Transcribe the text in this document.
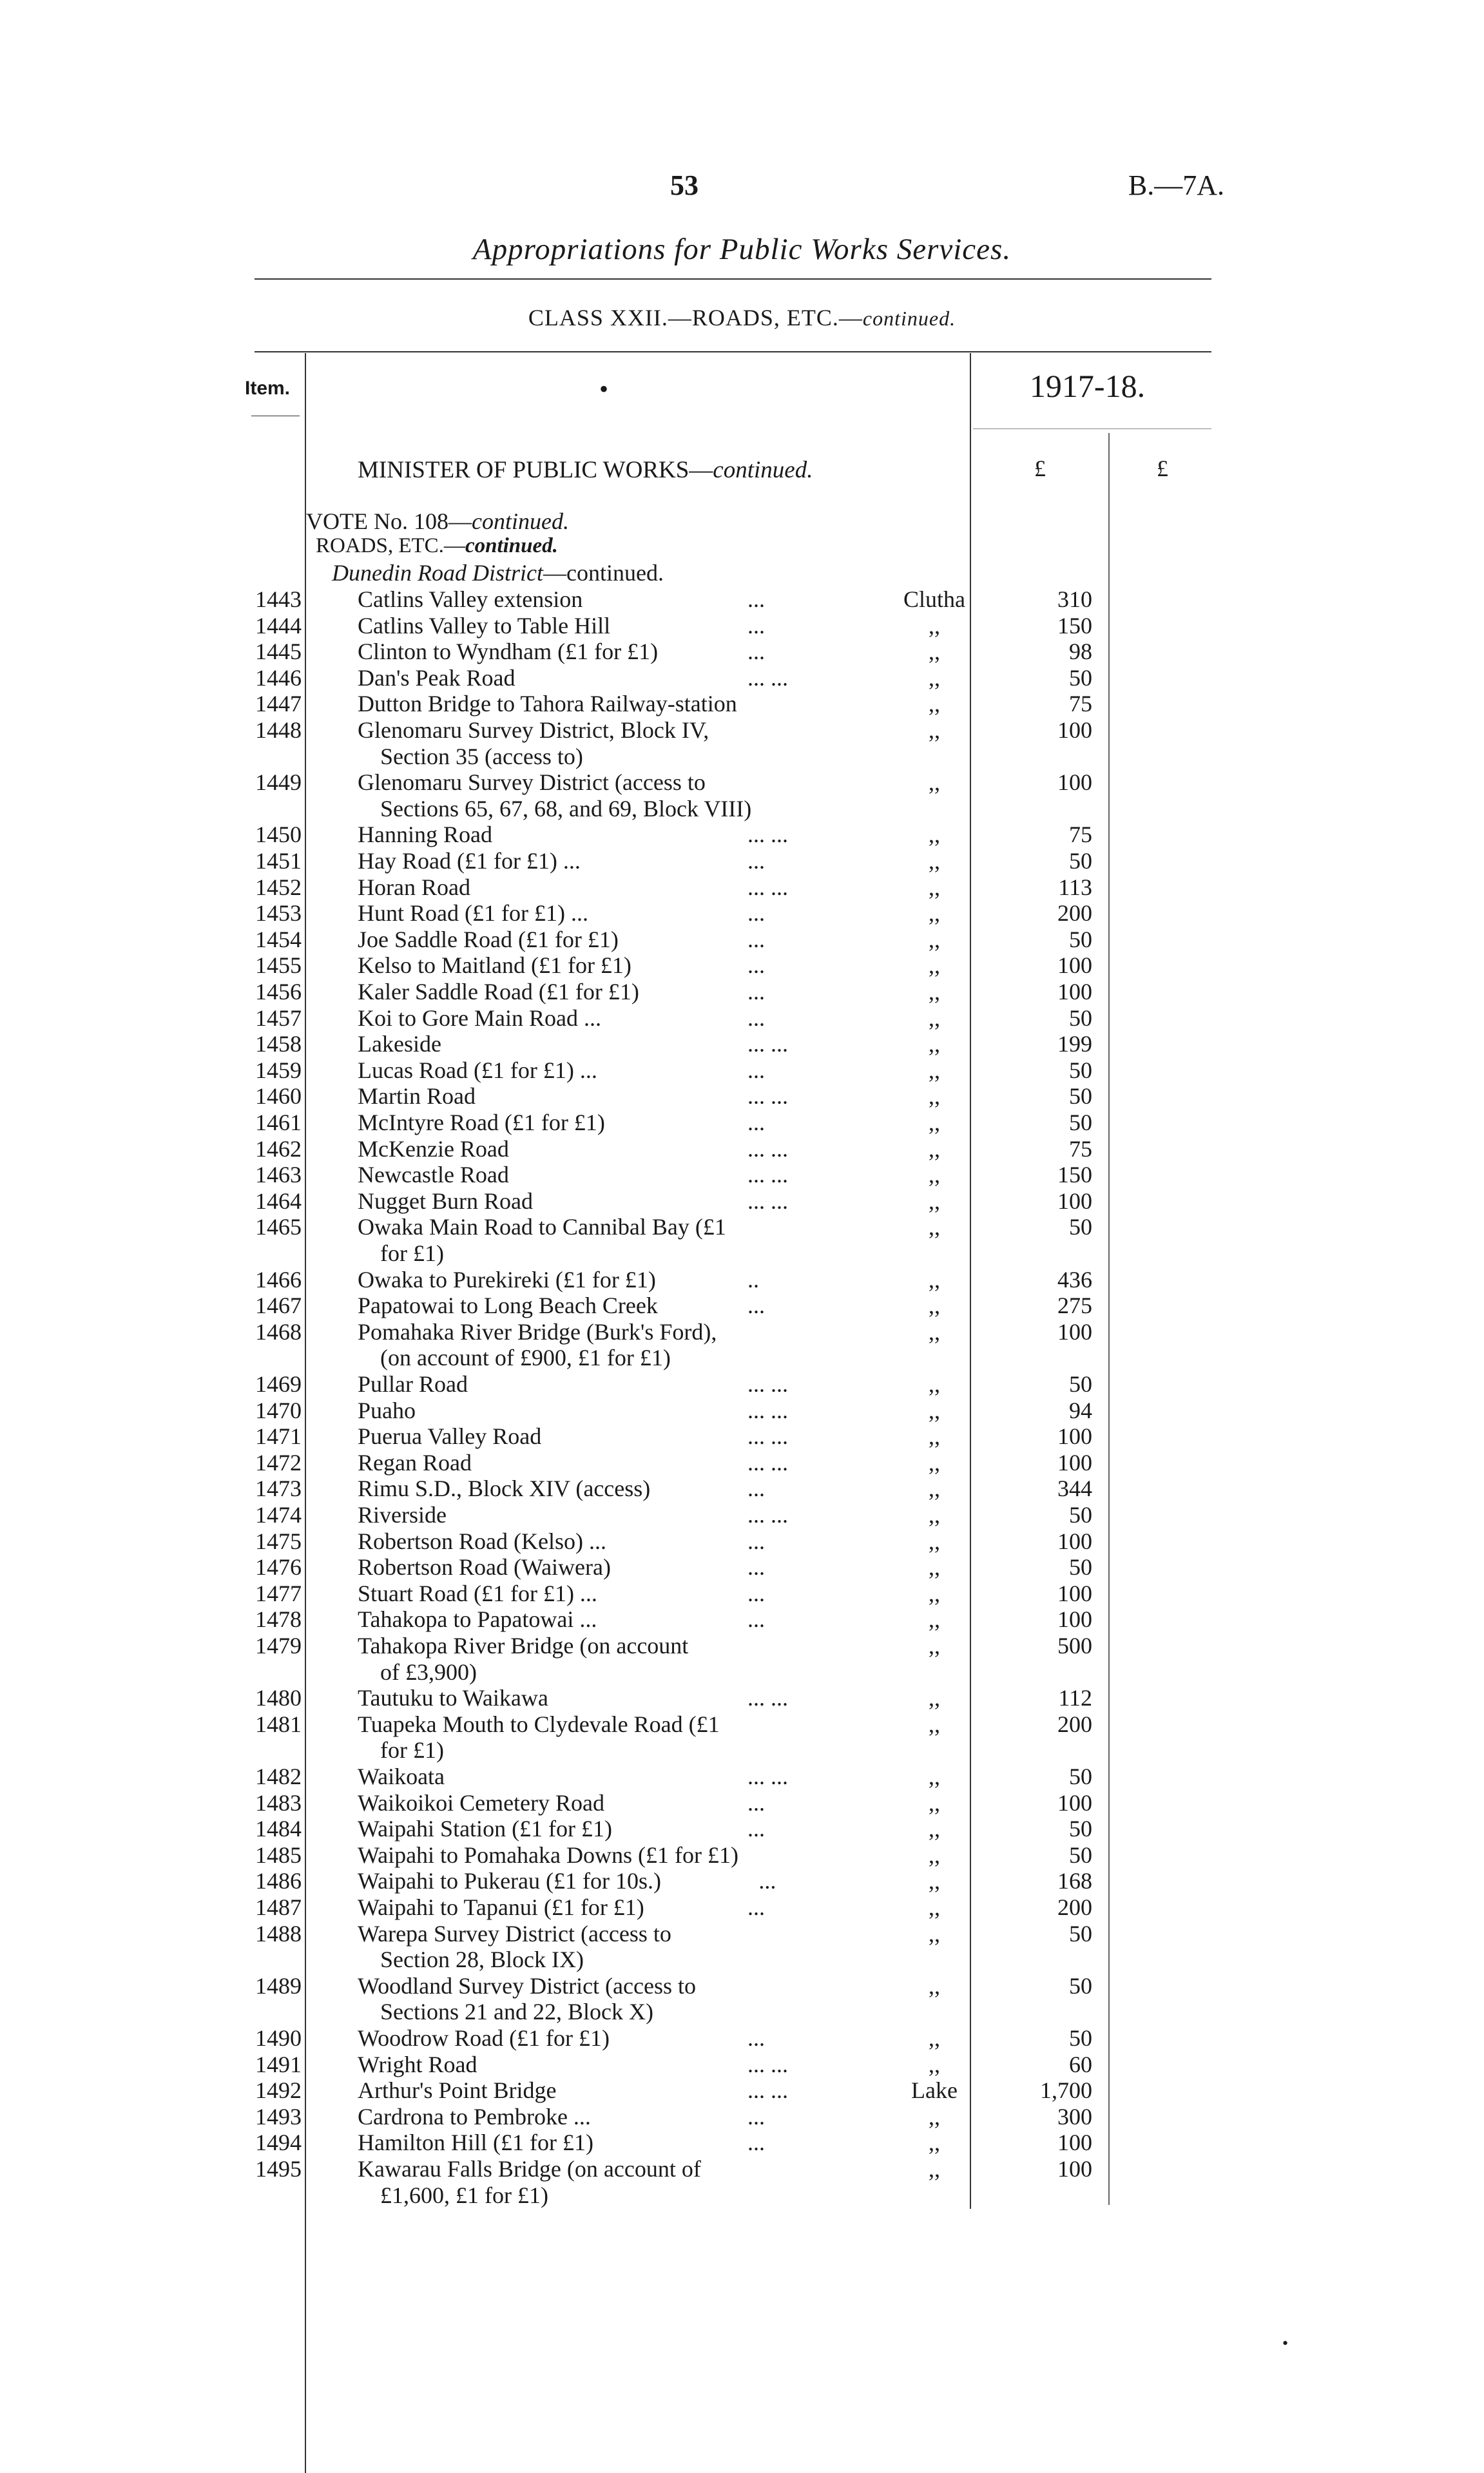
53	B.—7A.
Appropriations for Public Works Services.
CLASS XXII.—ROADS, ETC.—continued.
Item.	•	1917-18.
MINISTER OF PUBLIC WORKS—continued.	£	£
VOTE No. 108—continued.
ROADS, ETC.—continued.
Dunedin Road District—continued.
1443 Catlins Valley extension	...	Clutha	310
1444 Catlins Valley to Table Hill	...	,,	150
1445 Clinton to Wyndham (£1 for £1)	...	,,	98
1446 Dan's Peak Road	... ...	,,	50
1447 Dutton Bridge to Tahora Railway-station	,,	75
1448 Glenomaru Survey District, Block IV,	,,	100
Section 35 (access to)
1449 Glenomaru Survey District (access to	,,	100
Sections 65, 67, 68, and 69, Block VIII)
1450 Hanning Road	... ...	,,	75
1451 Hay Road (£1 for £1) ...	...	,,	50
1452 Horan Road	... ...	,,	113
1453 Hunt Road (£1 for £1) ...	...	,,	200
1454 Joe Saddle Road (£1 for £1)	...	,,	50
1455 Kelso to Maitland (£1 for £1)	...	,,	100
1456 Kaler Saddle Road (£1 for £1)	...	,,	100
1457 Koi to Gore Main Road ...	...	,,	50
1458 Lakeside	... ...	,,	199
1459 Lucas Road (£1 for £1) ...	...	,,	50
1460 Martin Road	... ...	,,	50
1461 McIntyre Road (£1 for £1)	...	,,	50
1462 McKenzie Road	... ...	,,	75
1463 Newcastle Road	... ...	,,	150
1464 Nugget Burn Road	... ...	,,	100
1465 Owaka Main Road to Cannibal Bay (£1	,,	50
for £1)
1466 Owaka to Purekireki (£1 for £1)	..	,,	436
1467 Papatowai to Long Beach Creek	...	,,	275
1468 Pomahaka River Bridge (Burk's Ford),	,,	100
(on account of £900, £1 for £1)
1469 Pullar Road	... ...	,,	50
1470 Puaho	... ...	,,	94
1471 Puerua Valley Road	... ...	,,	100
1472 Regan Road	... ...	,,	100
1473 Rimu S.D., Block XIV (access)	...	,,	344
1474 Riverside	... ...	,,	50
1475 Robertson Road (Kelso) ...	...	,,	100
1476 Robertson Road (Waiwera)	...	,,	50
1477 Stuart Road (£1 for £1) ...	...	,,	100
1478 Tahakopa to Papatowai ...	...	,,	100
1479 Tahakopa River Bridge (on account	,,	500
of £3,900)
1480 Tautuku to Waikawa	... ...	,,	112
1481 Tuapeka Mouth to Clydevale Road (£1	,,	200
for £1)
1482 Waikoata	... ...	,,	50
1483 Waikoikoi Cemetery Road	...	,,	100
1484 Waipahi Station (£1 for £1)	...	,,	50
1485 Waipahi to Pomahaka Downs (£1 for £1)	,,	50
1486 Waipahi to Pukerau (£1 for 10s.)	...	,,	168
1487 Waipahi to Tapanui (£1 for £1)	...	,,	200
1488 Warepa Survey District (access to	,,	50
Section 28, Block IX)
1489 Woodland Survey District (access to	,,	50
Sections 21 and 22, Block X)
1490 Woodrow Road (£1 for £1)	...	,,	50
1491 Wright Road	... ...	,,	60
1492 Arthur's Point Bridge	... ...	Lake	1,700
1493 Cardrona to Pembroke ...	...	,,	300
1494 Hamilton Hill (£1 for £1)	...	,,	100
1495 Kawarau Falls Bridge (on account of	,,	100
£1,600, £1 for £1)
•
